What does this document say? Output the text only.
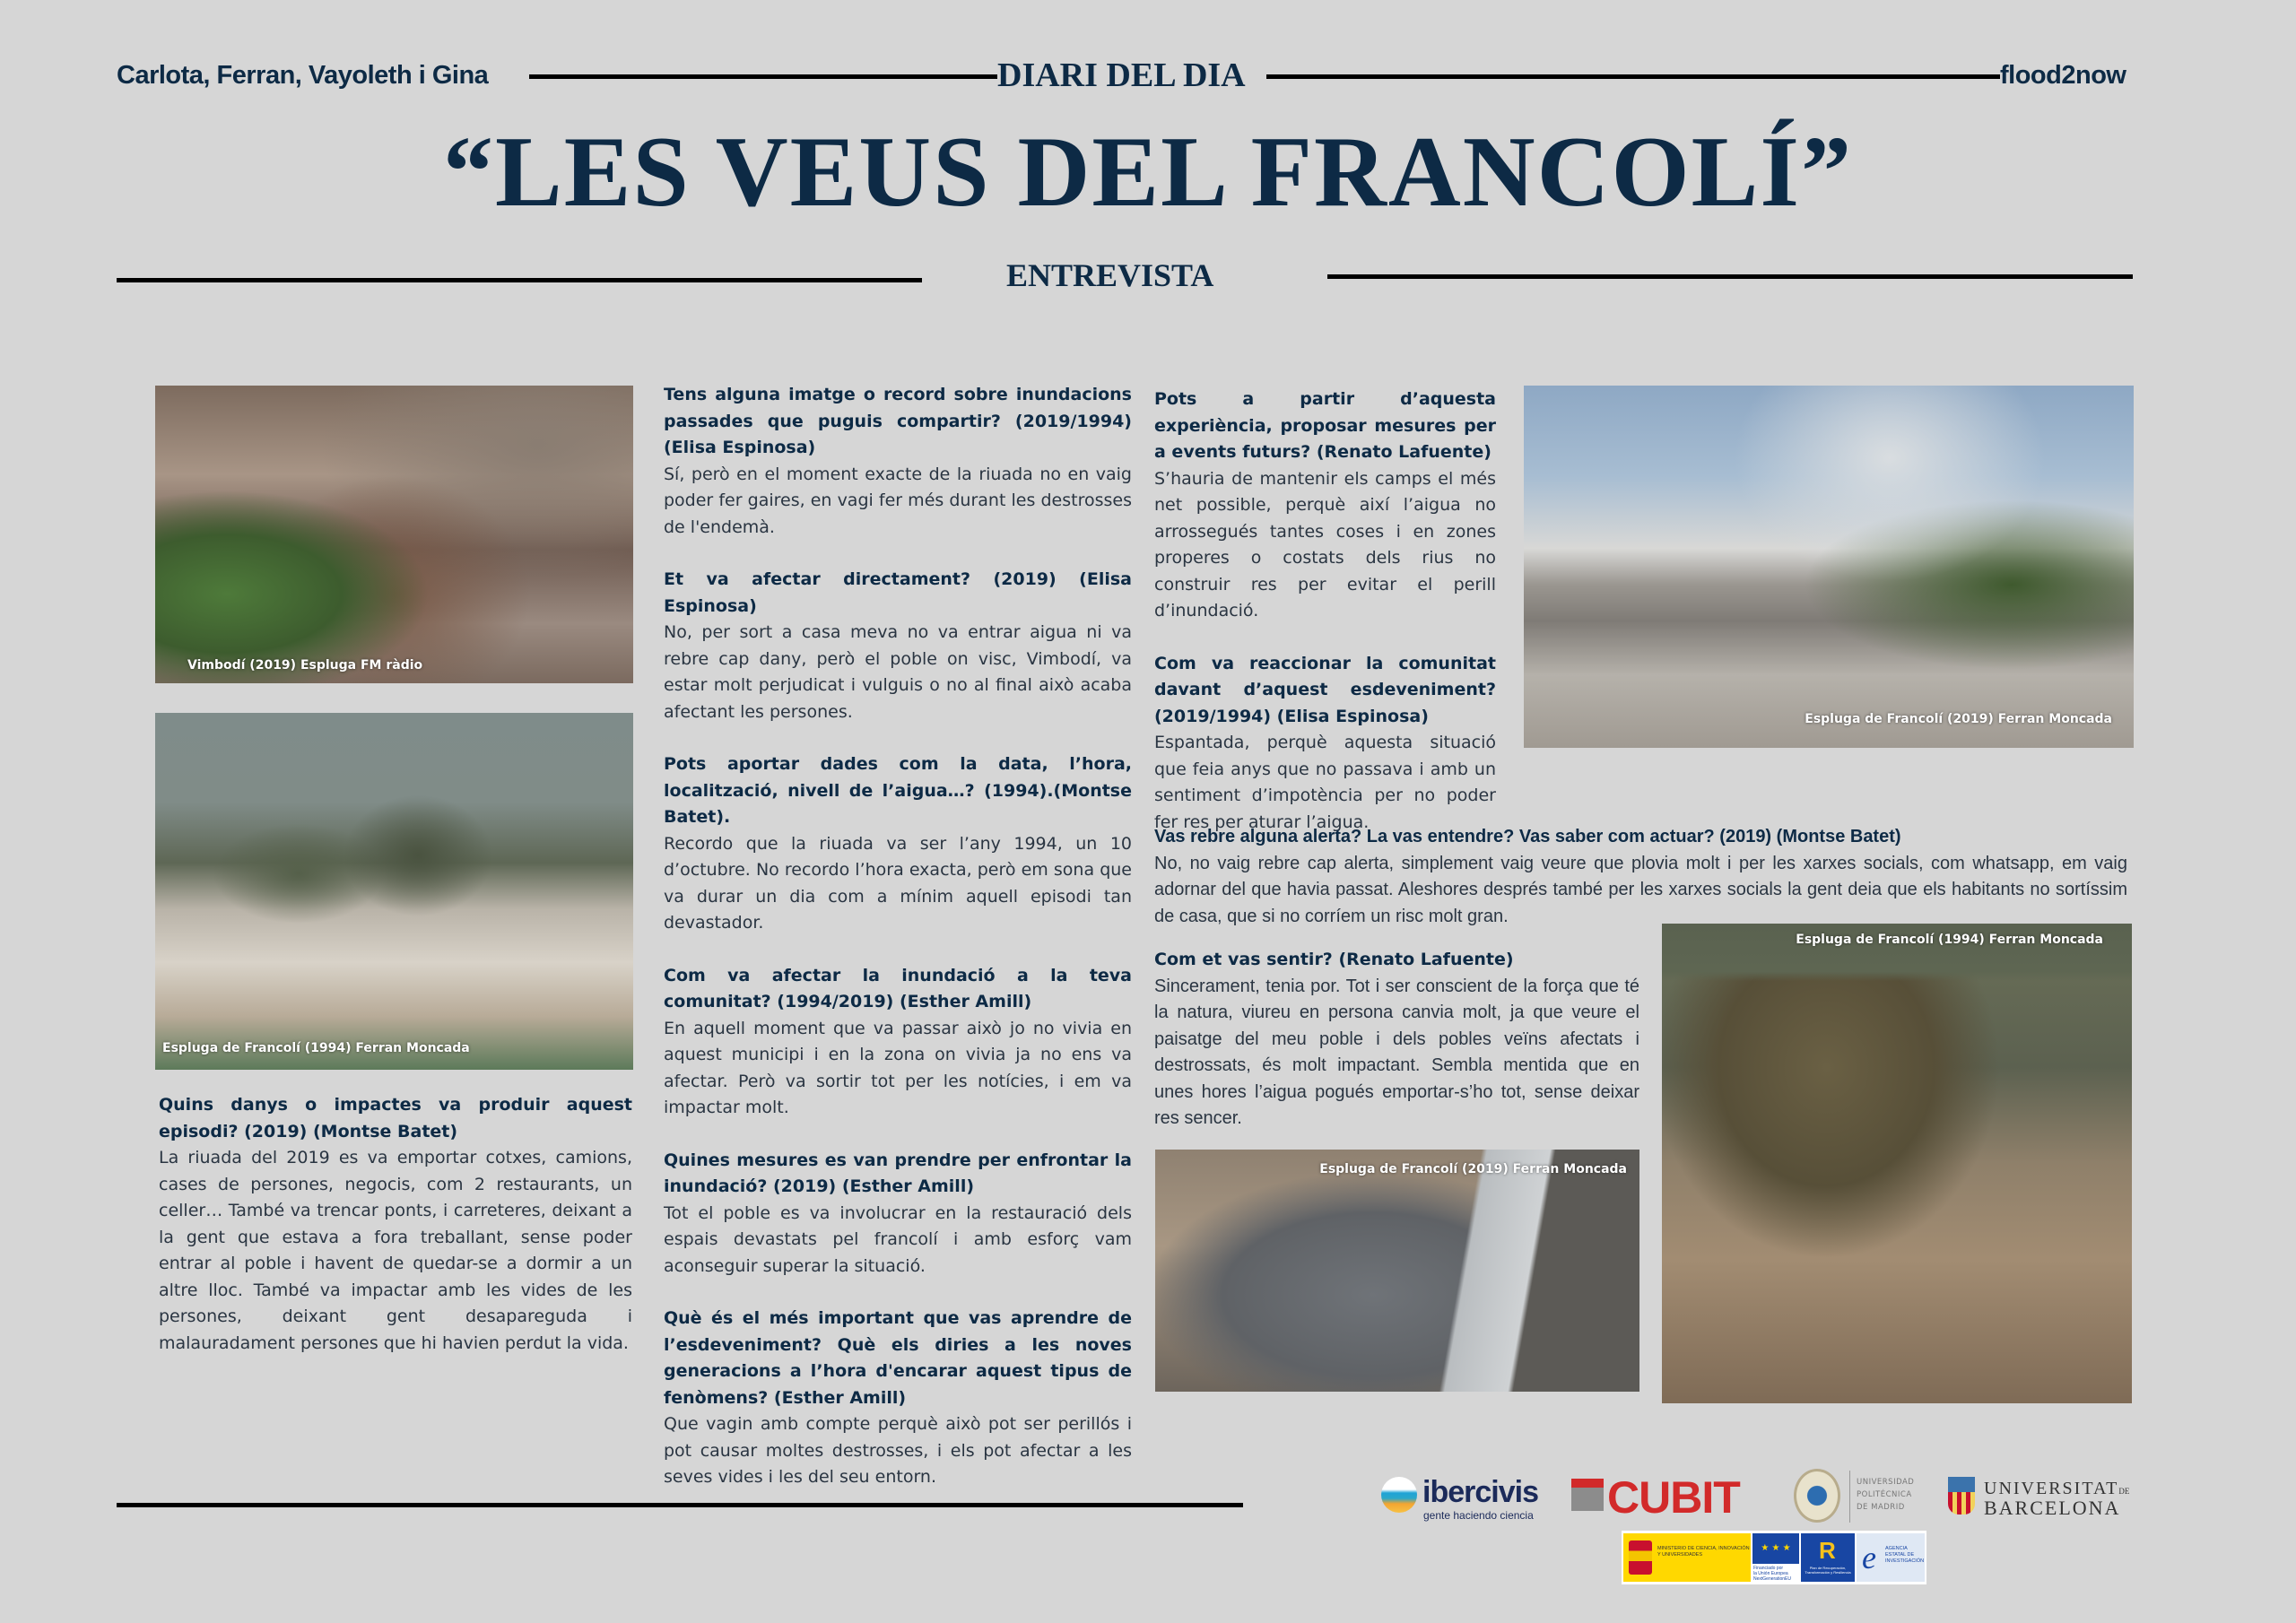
Carlota, Ferran, Vayoleth i Gina	DIARI DEL DIA	flood2now
“LES VEUS DEL FRANCOLÍ”
ENTREVISTA
Vimbodí (2019) Espluga FM ràdio
Espluga de Francolí (1994) Ferran Moncada
Espluga de Francolí (2019) Ferran Moncada
Espluga de Francolí (2019) Ferran Moncada
Espluga de Francolí (1994) Ferran Moncada
Quins danys o impactes va produir aquest episodi? (2019) (Montse Batet)
La riuada del 2019 es va emportar cotxes, camions, cases de persones, negocis, com 2 restaurants, un celler… També va trencar ponts, i carreteres, deixant a la gent que estava a fora treballant, sense poder entrar al poble i havent de quedar-se a dormir a un altre lloc. També va impactar amb les vides de les persones, deixant gent desapareguda i malauradament persones que hi havien perdut la vida.
Tens alguna imatge o record sobre inundacions passades que puguis compartir? (2019/1994) (Elisa Espinosa)
Sí, però en el moment exacte de la riuada no en vaig poder fer gaires, en vagi fer més durant les destrosses de l'endemà.
Et va afectar directament? (2019) (Elisa Espinosa)
No, per sort a casa meva no va entrar aigua ni va rebre cap dany, però el poble on visc, Vimbodí, va estar molt perjudicat i vulguis o no al final això acaba afectant les persones.
Pots aportar dades com la data, l’hora, localització, nivell de l’aigua…? (1994).(Montse Batet).
Recordo que la riuada va ser l’any 1994, un 10 d’octubre. No recordo l’hora exacta, però em sona que va durar un dia com a mínim aquell episodi tan devastador.
Com va afectar la inundació a la teva comunitat? (1994/2019) (Esther Amill)
En aquell moment que va passar això jo no vivia en aquest municipi i en la zona on vivia ja no ens va afectar. Però va sortir tot per les notícies, i em va impactar molt.
Quines mesures es van prendre per enfrontar la inundació? (2019) (Esther Amill)
Tot el poble es va involucrar en la restauració dels espais devastats pel francolí i amb esforç vam aconseguir superar la situació.
Què és el més important que vas aprendre de l’esdeveniment? Què els diries a les noves generacions a l’hora d'encarar aquest tipus de fenòmens? (Esther Amill)
Que vagin amb compte perquè això pot ser perillós i pot causar moltes destrosses, i els pot afectar a les seves vides i les del seu entorn.
Pots a partir d’aquesta experiència, proposar mesures per a events futurs? (Renato Lafuente)
S’hauria de mantenir els camps el més net possible, perquè així l’aigua no arrossegués tantes coses i en zones properes o costats dels rius no construir res per evitar el perill d’inundació.
Com va reaccionar la comunitat davant d’aquest esdeveniment? (2019/1994) (Elisa Espinosa)
Espantada, perquè aquesta situació que feia anys que no passava i amb un sentiment d’impotència per no poder fer res per aturar l’aigua.
Vas rebre alguna alerta? La vas entendre? Vas saber com actuar? (2019) (Montse Batet)
No, no vaig rebre cap alerta, simplement vaig veure que plovia molt i per les xarxes socials, com whatsapp, em vaig adornar del que havia passat. Aleshores després també per les xarxes socials la gent deia que els habitants no sortíssim de casa, que si no corríem un risc molt gran.
Com et vas sentir? (Renato Lafuente)
Sincerament, tenia por. Tot i ser conscient de la força que té la natura, viureu en persona canvia molt, ja que veure el paisatge del meu poble i dels pobles veïns afectats i destrossats, és molt impactant. Sembla mentida que en unes hores l’aigua pogués emportar-s’ho tot, sense deixar res sencer.
ibercivis
gente haciendo ciencia CUBIT	UNIVERSIDAD
POLITÉCNICA
DE MADRID
UNIVERSITATDE
BARCELONA
MINISTERIO DE CIENCIA, INNOVACIÓN Y UNIVERSIDADES
★ ★ ★
Financiado por
la Unión Europea
NextGenerationEU
R
Plan de Recuperación, Transformación y Resiliencia e AGENCIA ESTATAL DE INVESTIGACIÓN
